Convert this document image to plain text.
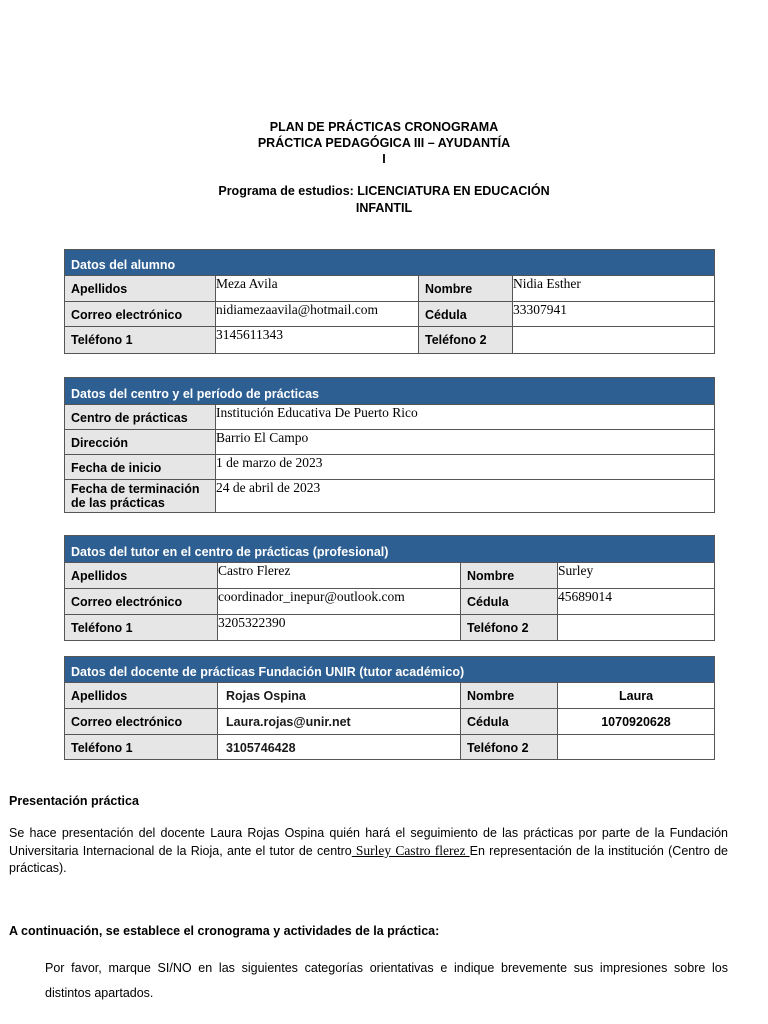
PLAN DE PRÁCTICAS CRONOGRAMA
PRÁCTICA PEDAGÓGICA III – AYUDANTÍA
I
Programa de estudios: LICENCIATURA EN EDUCACIÓN
INFANTIL
Datos del alumno			
Apellidos	Meza Avila	Nombre	Nidia Esther
Correo electrónico	nidiamezaavila@hotmail.com	Cédula	33307941
Teléfono 1	3145611343	Teléfono 2	
Datos del centro y el período de prácticas	
Centro de prácticas	Institución Educativa De Puerto Rico
Dirección	Barrio El Campo
Fecha de inicio	1 de marzo de 2023
Fecha de terminación de las prácticas	24 de abril de 2023
Datos del tutor en el centro de prácticas (profesional)			
Apellidos	Castro Flerez	Nombre	Surley
Correo electrónico	coordinador_inepur@outlook.com	Cédula	45689014
Teléfono 1	3205322390	Teléfono 2	
Datos del docente de prácticas Fundación UNIR (tutor académico)			
Apellidos	Rojas Ospina	Nombre	Laura
Correo electrónico	Laura.rojas@unir.net	Cédula	1070920628
Teléfono 1	3105746428	Teléfono 2	
Presentación práctica
Se hace presentación del docente Laura Rojas Ospina quién hará el seguimiento de las prácticas por parte de la Fundación Universitaria Internacional de la Rioja, ante el tutor de centro Surley Castro flerez En representación de la institución (Centro de prácticas).
A continuación, se establece el cronograma y actividades de la práctica:
Por favor, marque SI/NO en las siguientes categorías orientativas e indique brevemente sus impresiones sobre los distintos apartados.
